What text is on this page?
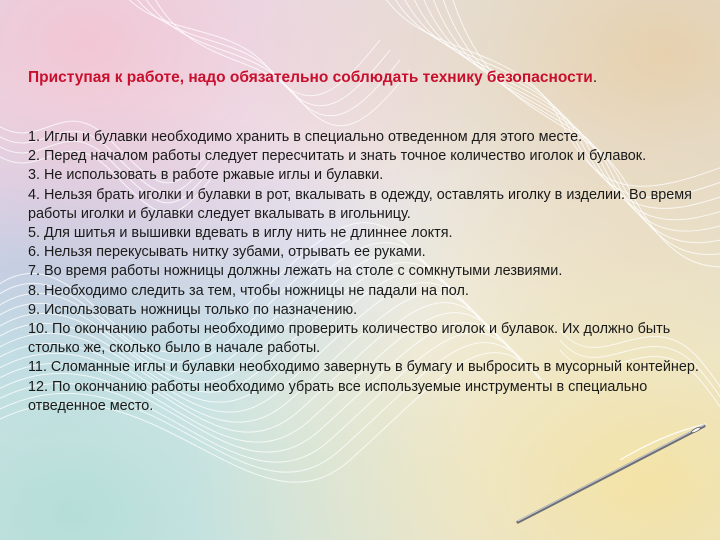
Приступая к работе, надо обязательно соблюдать технику безопасности.
1. Иглы и булавки необходимо хранить в специально отведенном для этого месте.
2. Перед началом работы следует пересчитать и знать точное количество иголок и булавок.
3. Не использовать в работе ржавые иглы и булавки.
4. Нельзя брать иголки и булавки в рот, вкалывать в одежду, оставлять иголку в изделии. Во время работы иголки и булавки следует вкалывать в игольницу.
5. Для шитья и вышивки вдевать в иглу нить не длиннее локтя.
6. Нельзя перекусывать нитку зубами, отрывать ее руками.
7. Во время работы ножницы должны лежать на столе с сомкнутыми лезвиями.
8. Необходимо следить за тем, чтобы ножницы не падали на пол.
9. Использовать ножницы только по назначению.
10. По окончанию работы необходимо проверить количество иголок и булавок. Их должно быть столько же, сколько было в начале работы.
11. Сломанные иглы и булавки необходимо завернуть в бумагу и выбросить в мусорный контейнер.
12. По окончанию работы необходимо убрать все используемые инструменты в специально отведенное место.
